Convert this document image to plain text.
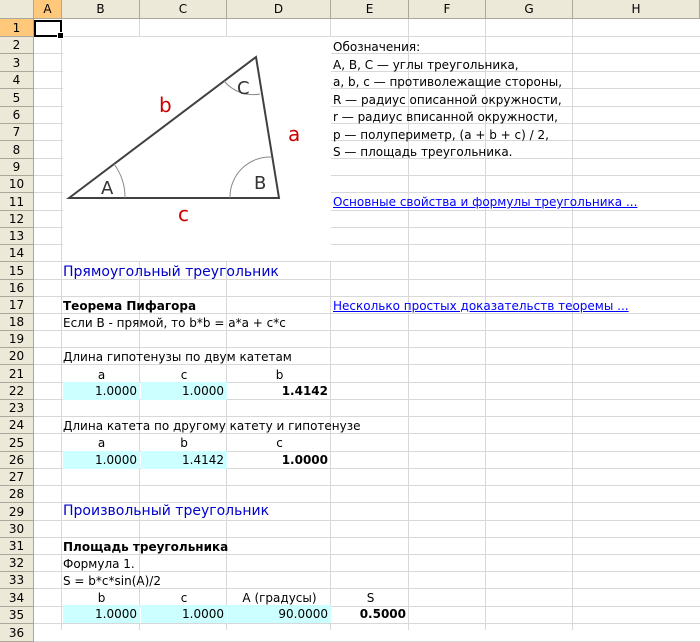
A	B	C	D	E	F	G	H
1
2
3
4
5
6
7
8
9
10
11
12
13
14
15
16
17
18
19
20
21
22
23
24
25
26
27
28
29
30
31
32
33
34
35
36
A	B
C
a
b
c
Обозначения:
A, B, C — углы треугольника,
a, b, c — противолежащие стороны,
R — радиус описанной окружности,
r — радиус вписанной окружности,
p — полупериметр, (a + b + c) / 2,
S — площадь треугольника.
Основные свойства и формулы треугольника ...
Прямоугольный треугольник
Теорема Пифагора	Несколько простых доказательств теоремы ...
Если B - прямой, то b*b = a*a + c*c
Длина гипотенузы по двум катетам
a	c	b
1.0000	1.0000	1.4142
Длина катета по другому катету и гипотенузе
a	b	c
1.0000	1.4142	1.0000
Произвольный треугольник
Площадь треугольника
Формула 1.
S = b*c*sin(A)/2
b	c	A (градусы)	S
1.0000	1.0000	90.0000	0.5000
